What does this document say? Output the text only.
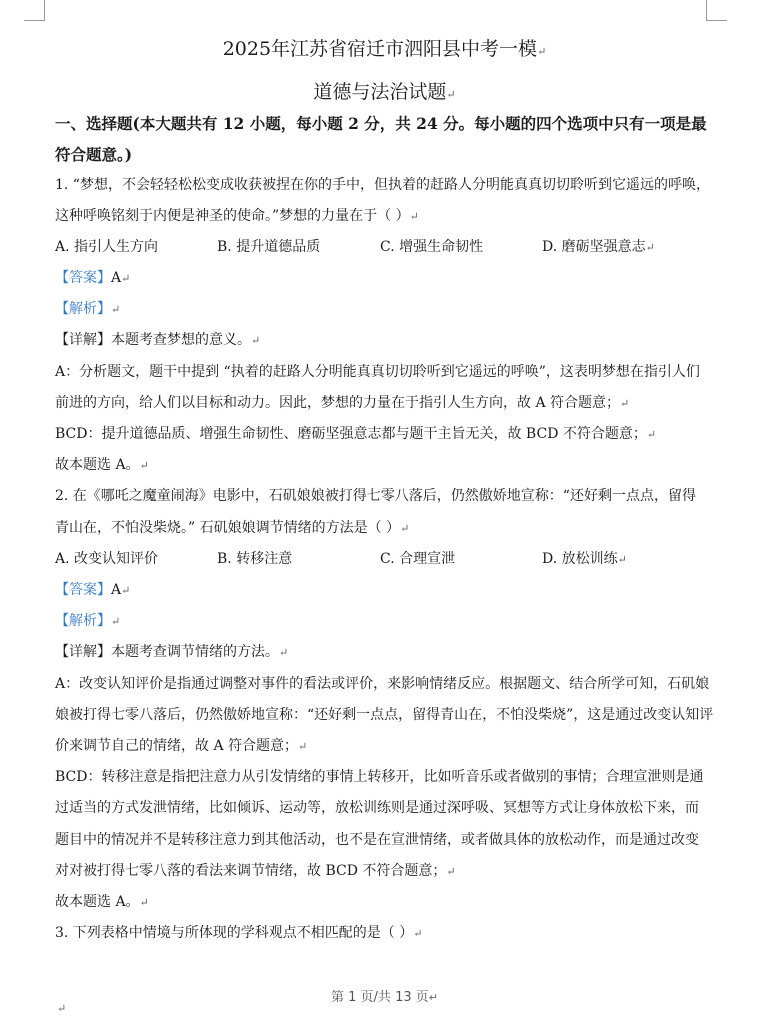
2025年江苏省宿迁市泗阳县中考一模↵
道德与法治试题↵
一、选择题(本大题共有 12 小题，每小题 2 分，共 24 分。每小题的四个选项中只有一项是最符合题意。)
1. “梦想，不会轻轻松松变成收获被捏在你的手中，但执着的赶路人分明能真真切切聆听到它遥远的呼唤，
这种呼唤铭刻于内便是神圣的使命。”梦想的力量在于（ ）↵
A. 指引人生方向	B. 提升道德品质	C. 增强生命韧性	D. 磨砺坚强意志↵
【答案】A↵
【解析】↵
【详解】本题考查梦想的意义。↵
A：分析题文，题干中提到 “执着的赶路人分明能真真切切聆听到它遥远的呼唤”，这表明梦想在指引人们
前进的方向，给人们以目标和动力。因此，梦想的力量在于指引人生方向，故 A 符合题意；↵
BCD：提升道德品质、增强生命韧性、磨砺坚强意志都与题干主旨无关，故 BCD 不符合题意；↵
故本题选 A。↵
2. 在《哪吒之魔童闹海》电影中，石矶娘娘被打得七零八落后，仍然傲娇地宣称：“还好剩一点点，留得
青山在，不怕没柴烧。” 石矶娘娘调节情绪的方法是（ ）↵
A. 改变认知评价	B. 转移注意	C. 合理宣泄	D. 放松训练↵
【答案】A↵
【解析】↵
【详解】本题考查调节情绪的方法。↵
A：改变认知评价是指通过调整对事件的看法或评价，来影响情绪反应。根据题文、结合所学可知，石矶娘
娘被打得七零八落后，仍然傲娇地宣称：“还好剩一点点，留得青山在，不怕没柴烧”，这是通过改变认知评
价来调节自己的情绪，故 A 符合题意；↵
BCD：转移注意是指把注意力从引发情绪的事情上转移开，比如听音乐或者做别的事情；合理宣泄则是通
过适当的方式发泄情绪，比如倾诉、运动等，放松训练则是通过深呼吸、冥想等方式让身体放松下来，而
题目中的情况并不是转移注意力到其他活动，也不是在宣泄情绪，或者做具体的放松动作，而是通过改变
对对被打得七零八落的看法来调节情绪，故 BCD 不符合题意；↵
故本题选 A。↵
3. 下列表格中情境与所体现的学科观点不相匹配的是（ ）↵
第 1 页/共 13 页↵
↵
